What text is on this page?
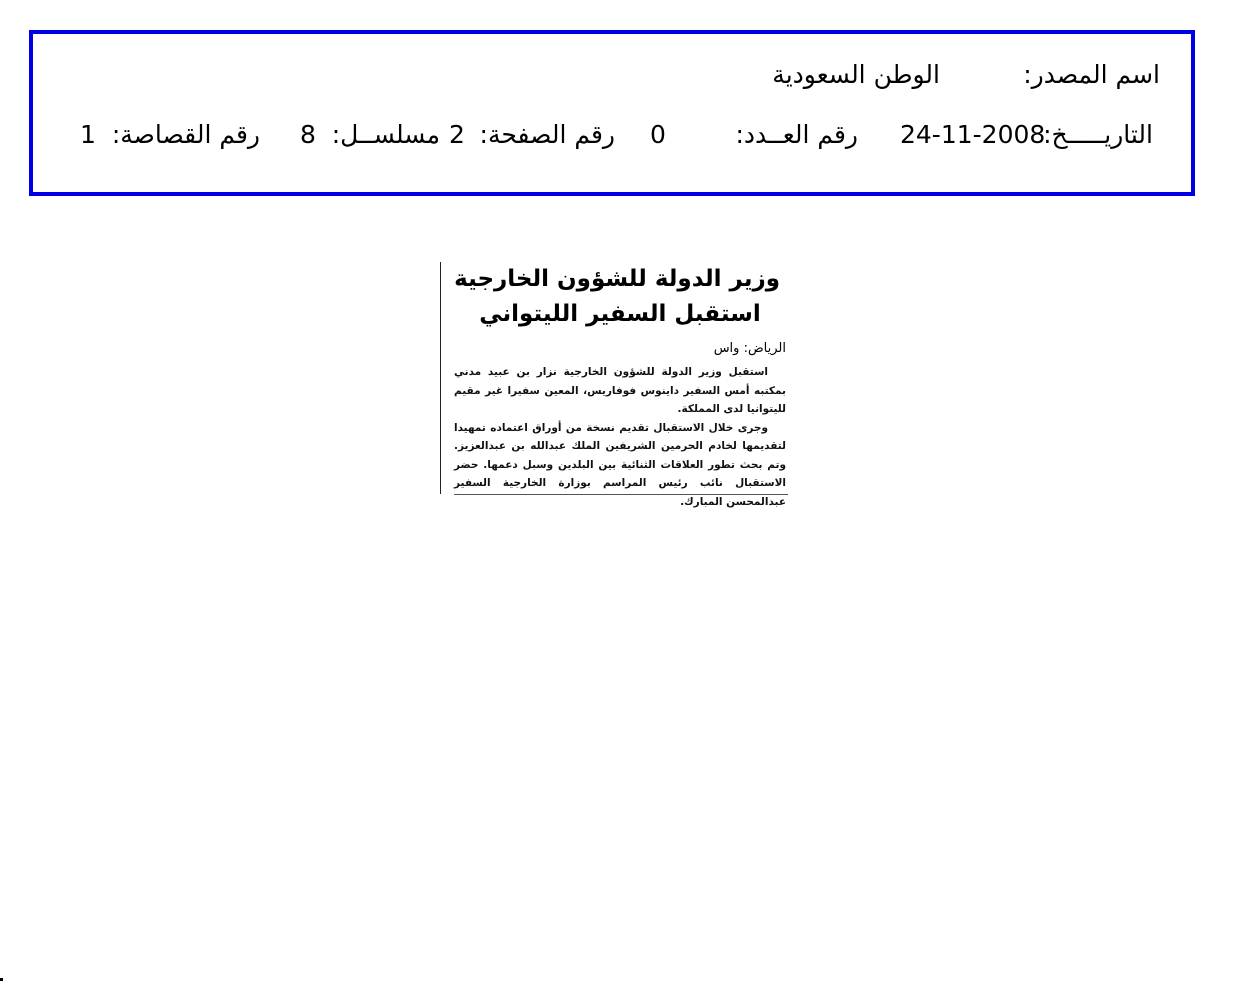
اسم المصدر:
الوطن السعودية
التاريـــــخ:
24-11-2008
رقم العــدد:
0
رقم الصفحة:
2
مسلســل:
8
رقم القصاصة:
1
وزير الدولة للشؤون الخارجية
استقبل السفير الليتواني
الرياض: واس

استقبل وزير الدولة للشؤون الخارجية نزار بن عبيد مدني بمكتبه أمس السفير داينوس فوفاريس، المعين سفيرا غير مقيم لليتوانيا لدى المملكة.

وجرى خلال الاستقبال تقديم نسخة من أوراق اعتماده تمهيدا لتقديمها لخادم الحرمين الشريفين الملك عبدالله بن عبدالعزيز. وتم بحث تطور العلاقات الثنائية بين البلدين وسبل دعمها. حضر الاستقبال نائب رئيس المراسم بوزارة الخارجية السفير عبدالمحسن المبارك.
